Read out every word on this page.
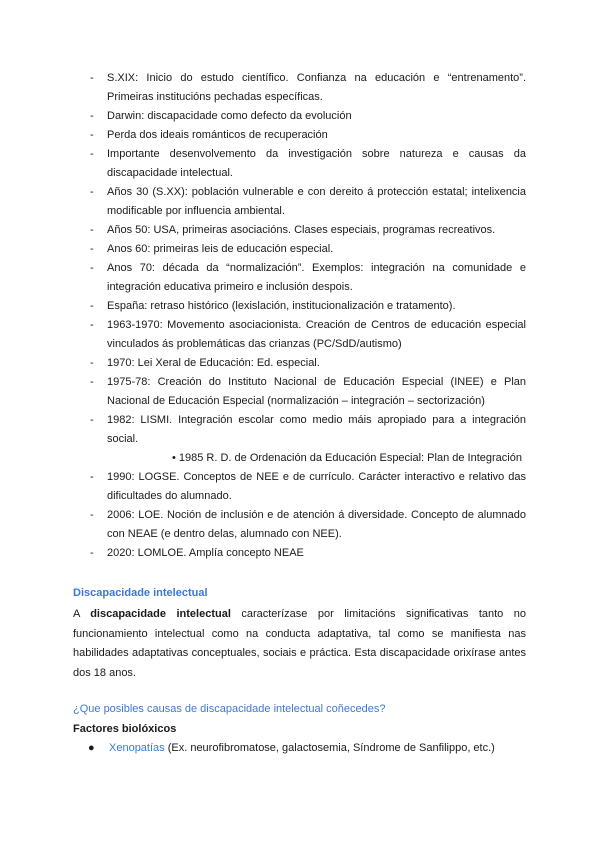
-	S.XIX: Inicio do estudo científico. Confianza na educación e “entrenamento”. Primeiras institucións pechadas específicas.
-	Darwin: discapacidade como defecto da evolución
-	Perda dos ideais románticos de recuperación
-	Importante desenvolvemento da investigación sobre natureza e causas da discapacidade intelectual.
-	Años 30 (S.XX): población vulnerable e con dereito á protección estatal; intelixencia modificable por influencia ambiental.
-	Años 50: USA, primeiras asociacións. Clases especiais, programas recreativos.
-	Anos 60: primeiras leis de educación especial.
-	Anos 70: década da “normalización”. Exemplos: integración na comunidade e integración educativa primeiro e inclusión despois.
-	España: retraso histórico (lexislación, institucionalización e tratamento).
-	1963-1970: Movemento asociacionista. Creación de Centros de educación especial vinculados ás problemáticas das crianzas (PC/SdD/autismo)
-	1970: Lei Xeral de Educación: Ed. especial.
-	1975-78: Creación do Instituto Nacional de Educación Especial (INEE) e Plan Nacional de Educación Especial (normalización – integración – sectorización)
-	1982: LISMI. Integración escolar como medio máis apropiado para a integración social.
• 1985 R. D. de Ordenación da Educación Especial: Plan de Integración
-	1990: LOGSE. Conceptos de NEE e de currículo. Carácter interactivo e relativo das dificultades do alumnado.
-	2006: LOE. Noción de inclusión e de atención á diversidade. Concepto de alumnado con NEAE (e dentro delas, alumnado con NEE).
-	2020: LOMLOE. Amplía concepto NEAE
Discapacidade intelectual
A discapacidade intelectual caracterízase por limitacións significativas tanto no funcionamiento intelectual como na conducta adaptativa, tal como se manifiesta nas habilidades adaptativas conceptuales, sociais e práctica. Esta discapacidade orixírase antes dos 18 anos.
¿Que posibles causas de discapacidade intelectual coñecedes?
Factores biolóxicos
●	Xenopatías (Ex. neurofibromatose, galactosemia, Síndrome de Sanfilippo, etc.)
